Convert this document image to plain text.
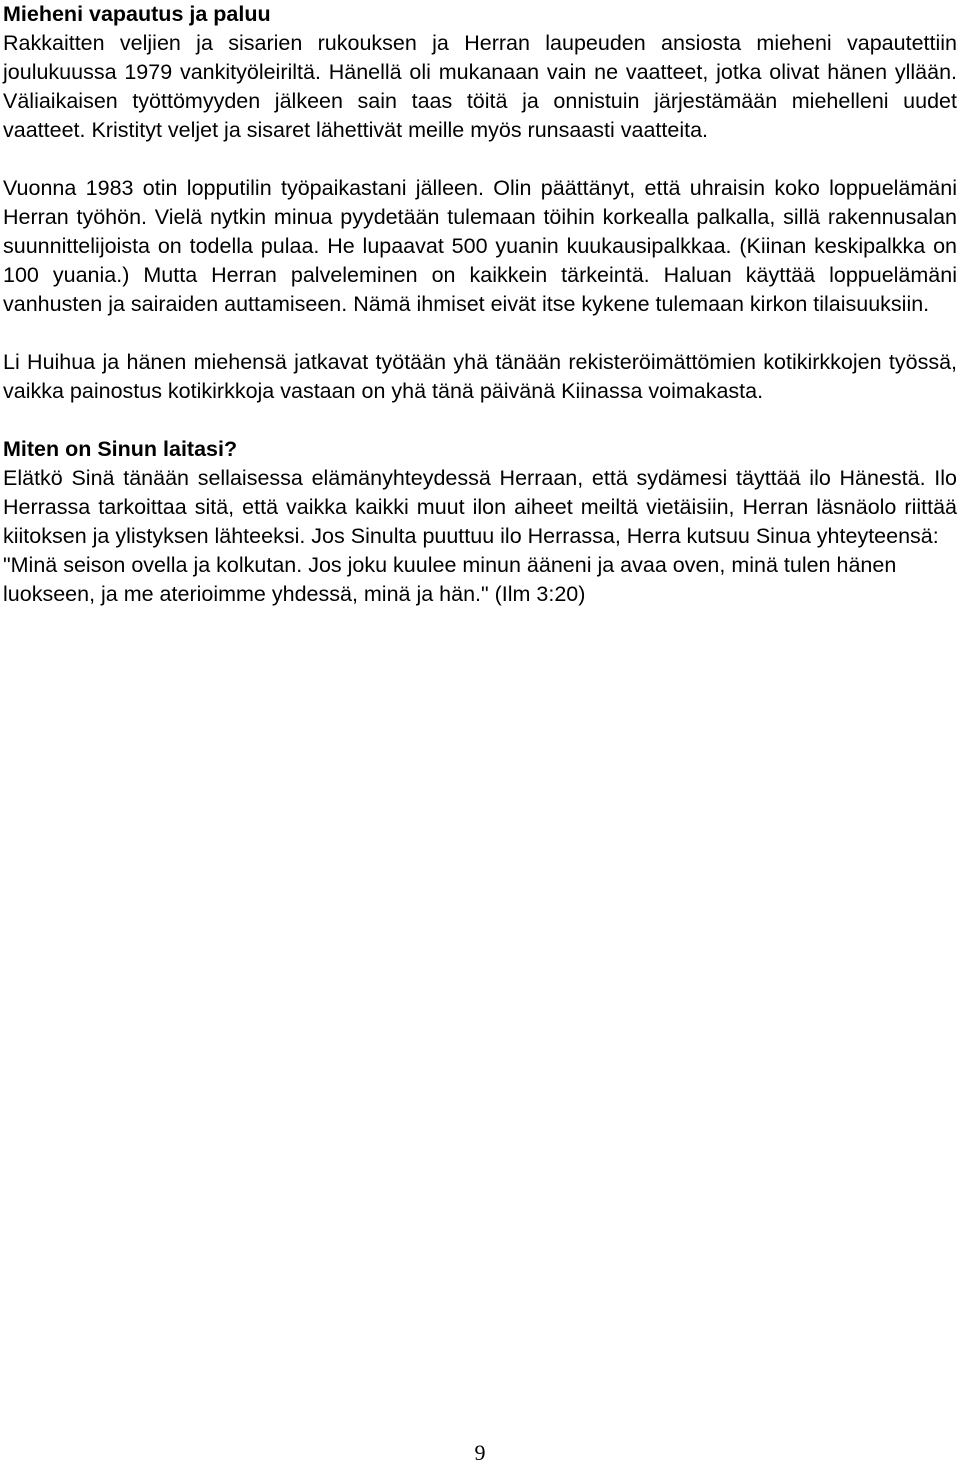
Mieheni vapautus ja paluu

Rakkaitten veljien ja sisarien rukouksen ja Herran laupeuden ansiosta mieheni vapautettiin joulukuussa 1979 vankityöleiriltä. Hänellä oli mukanaan vain ne vaatteet, jotka olivat hänen yllään. Väliaikaisen työttömyyden jälkeen sain taas töitä ja onnistuin järjestämään miehelleni uudet vaatteet. Kristityt veljet ja sisaret lähettivät meille myös runsaasti vaatteita.

Vuonna 1983 otin lopputilin työpaikastani jälleen. Olin päättänyt, että uhraisin koko loppuelämäni Herran työhön. Vielä nytkin minua pyydetään tulemaan töihin korkealla palkalla, sillä rakennusalan suunnittelijoista on todella pulaa. He lupaavat 500 yuanin kuukausipalkkaa. (Kiinan keskipalkka on 100 yuania.) Mutta Herran palveleminen on kaikkein tärkeintä. Haluan käyttää loppuelämäni vanhusten ja sairaiden auttamiseen. Nämä ihmiset eivät itse kykene tulemaan kirkon tilaisuuksiin.

Li Huihua ja hänen miehensä jatkavat työtään yhä tänään rekisteröimättömien kotikirkkojen työssä, vaikka painostus kotikirkkoja vastaan on yhä tänä päivänä Kiinassa voimakasta.

Miten on Sinun laitasi?

Elätkö Sinä tänään sellaisessa elämänyhteydessä Herraan, että sydämesi täyttää ilo Hänestä. Ilo Herrassa tarkoittaa sitä, että vaikka kaikki muut ilon aiheet meiltä vietäisiin, Herran läsnäolo riittää kiitoksen ja ylistyksen lähteeksi. Jos Sinulta puuttuu ilo Herrassa, Herra kutsuu Sinua yhteyteensä:

"Minä seison ovella ja kolkutan. Jos joku kuulee minun ääneni ja avaa oven, minä tulen hänen luokseen, ja me aterioimme yhdessä, minä ja hän." (Ilm 3:20)

9
